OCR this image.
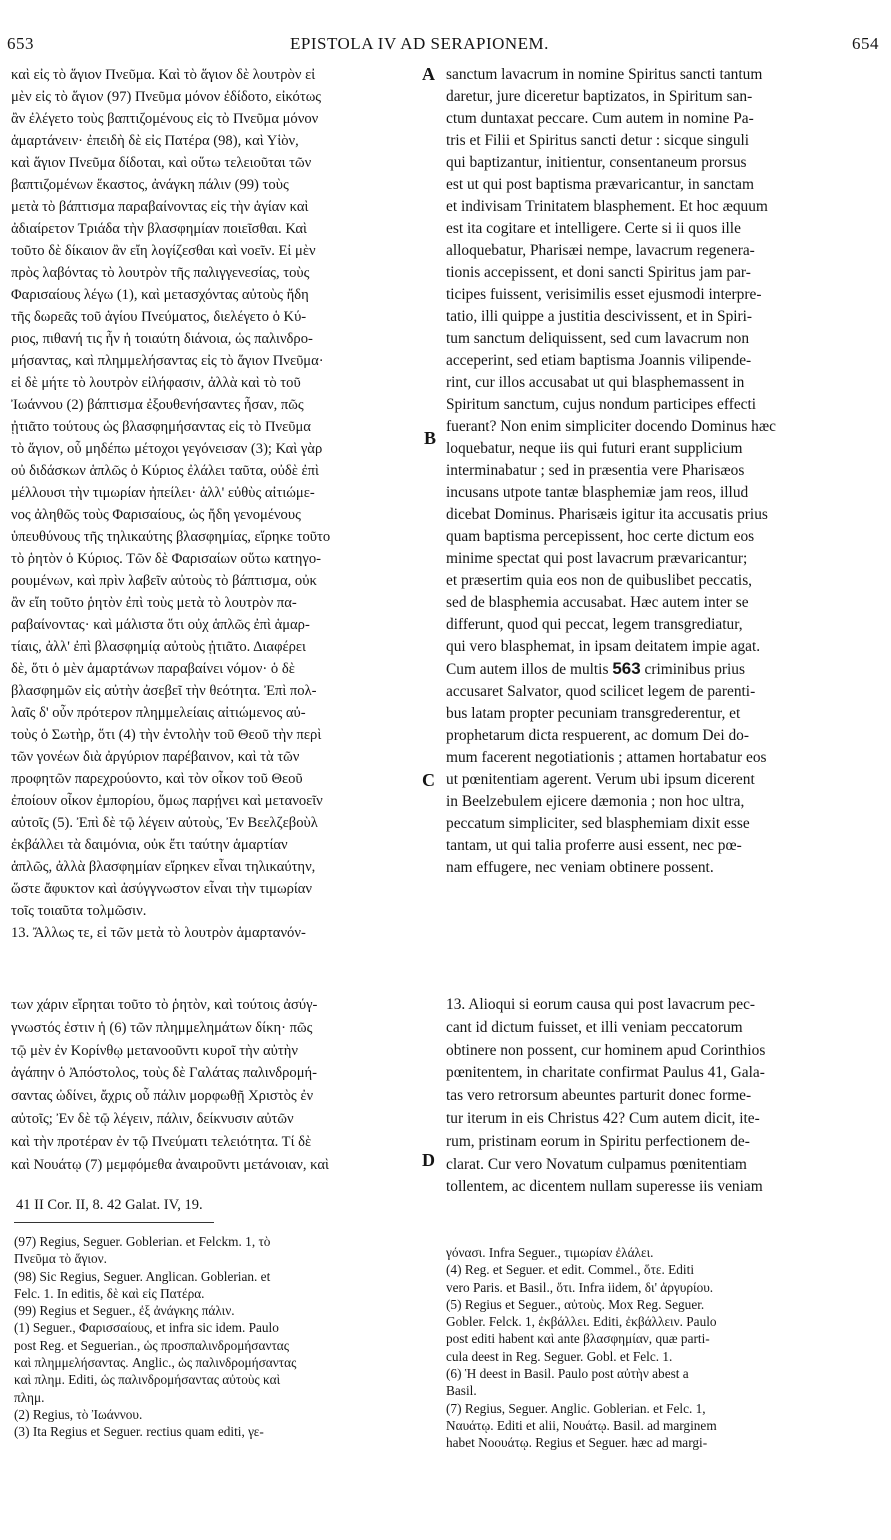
653	EPISTOLA IV AD SERAPIONEM.	654
καὶ εἰς τὸ ἅγιον Πνεῦμα. Καὶ τὸ ἅγιον δὲ λουτρὸν εἰ
μὲν εἰς τὸ ἅγιον (97) Πνεῦμα μόνον ἐδίδοτο, εἰκότως
ἂν ἐλέγετο τοὺς βαπτιζομένους εἰς τὸ Πνεῦμα μόνον
ἁμαρτάνειν· ἐπειδὴ δὲ εἰς Πατέρα (98), καὶ Υἱὸν,
καὶ ἅγιον Πνεῦμα δίδοται, καὶ οὕτω τελειοῦται τῶν
βαπτιζομένων ἕκαστος, ἀνάγκη πάλιν (99) τοὺς
μετὰ τὸ βάπτισμα παραβαίνοντας εἰς τὴν ἁγίαν καὶ
ἀδιαίρετον Τριάδα τὴν βλασφημίαν ποιεῖσθαι. Καὶ
τοῦτο δὲ δίκαιον ἂν εἴη λογίζεσθαι καὶ νοεῖν. Εἰ μὲν
πρὸς λαβόντας τὸ λουτρὸν τῆς παλιγγενεσίας, τοὺς
Φαρισαίους λέγω (1), καὶ μετασχόντας αὐτοὺς ἤδη
τῆς δωρεᾶς τοῦ ἁγίου Πνεύματος, διελέγετο ὁ Κύ-
ριος, πιθανή τις ἦν ἡ τοιαύτη διάνοια, ὡς παλινδρο-
μήσαντας, καὶ πλημμελήσαντας εἰς τὸ ἅγιον Πνεῦμα·
εἰ δὲ μήτε τὸ λουτρὸν εἰλήφασιν, ἀλλὰ καὶ τὸ τοῦ
Ἰωάννου (2) βάπτισμα ἐξουθενήσαντες ἦσαν, πῶς
ᾐτιᾶτο τούτους ὡς βλασφημήσαντας εἰς τὸ Πνεῦμα
τὸ ἅγιον, οὗ μηδέπω μέτοχοι γεγόνεισαν (3); Καὶ γὰρ
οὐ διδάσκων ἁπλῶς ὁ Κύριος ἐλάλει ταῦτα, οὐδὲ ἐπὶ
μέλλουσι τὴν τιμωρίαν ἠπείλει· ἀλλ' εὐθὺς αἰτιώμε-
νος ἀληθῶς τοὺς Φαρισαίους, ὡς ἤδη γενομένους
ὑπευθύνους τῆς τηλικαύτης βλασφημίας, εἴρηκε τοῦτο
τὸ ῥητὸν ὁ Κύριος. Τῶν δὲ Φαρισαίων οὕτω κατηγο-
ρουμένων, καὶ πρὶν λαβεῖν αὐτοὺς τὸ βάπτισμα, οὐκ
ἂν εἴη τοῦτο ῥητὸν ἐπὶ τοὺς μετὰ τὸ λουτρὸν πα-
ραβαίνοντας· καὶ μάλιστα ὅτι οὐχ ἁπλῶς ἐπὶ ἁμαρ-
τίαις, ἀλλ' ἐπὶ βλασφημίᾳ αὐτοὺς ᾐτιᾶτο. Διαφέρει
δὲ, ὅτι ὁ μὲν ἁμαρτάνων παραβαίνει νόμον· ὁ δὲ
βλασφημῶν εἰς αὐτὴν ἀσεβεῖ τὴν θεότητα. Ἐπὶ πολ-
λαῖς δ' οὖν πρότερον πλημμελείαις αἰτιώμενος αὐ-
τοὺς ὁ Σωτὴρ, ὅτι (4) τὴν ἐντολὴν τοῦ Θεοῦ τὴν περὶ
τῶν γονέων διὰ ἀργύριον παρέβαινον, καὶ τὰ τῶν
προφητῶν παρεχρούοντο, καὶ τὸν οἶκον τοῦ Θεοῦ
ἐποίουν οἶκον ἐμπορίου, ὅμως παρῄνει καὶ μετανοεῖν
αὐτοῖς (5). Ἐπὶ δὲ τῷ λέγειν αὐτοὺς, Ἐν Βεελζεβοὺλ
ἐκβάλλει τὰ δαιμόνια, οὐκ ἔτι ταύτην ἁμαρτίαν
ἁπλῶς, ἀλλὰ βλασφημίαν εἴρηκεν εἶναι τηλικαύτην,
ὥστε ἄφυκτον καὶ ἀσύγγνωστον εἶναι τὴν τιμωρίαν
τοῖς τοιαῦτα τολμῶσιν.
13. Ἄλλως τε, εἰ τῶν μετὰ τὸ λουτρὸν ἁμαρτανόν-
sanctum lavacrum in nomine Spiritus sancti tantum
daretur, jure diceretur baptizatos, in Spiritum san-
ctum duntaxat peccare. Cum autem in nomine Pa-
tris et Filii et Spiritus sancti detur : sicque singuli
qui baptizantur, initientur, consentaneum prorsus
est ut qui post baptisma prævaricantur, in sanctam
et indivisam Trinitatem blasphement. Et hoc æquum
est ita cogitare et intelligere. Certe si ii quos ille
alloquebatur, Pharisæi nempe, lavacrum regenera-
tionis accepissent, et doni sancti Spiritus jam par-
ticipes fuissent, verisimilis esset ejusmodi interpre-
tatio, illi quippe a justitia descivissent, et in Spiri-
tum sanctum deliquissent, sed cum lavacrum non
acceperint, sed etiam baptisma Joannis vilipende-
rint, cur illos accusabat ut qui blasphemassent in
Spiritum sanctum, cujus nondum participes effecti
fuerant? Non enim simpliciter docendo Dominus hæc
loquebatur, neque iis qui futuri erant supplicium
interminabatur ; sed in præsentia vere Pharisæos
incusans utpote tantæ blasphemiæ jam reos, illud
dicebat Dominus. Pharisæis igitur ita accusatis prius
quam baptisma percepissent, hoc certe dictum eos
minime spectat qui post lavacrum prævaricantur;
et præsertim quia eos non de quibuslibet peccatis,
sed de blasphemia accusabat. Hæc autem inter se
differunt, quod qui peccat, legem transgrediatur,
qui vero blasphemat, in ipsam deitatem impie agat.
Cum autem illos de multis 563 criminibus prius
accusaret Salvator, quod scilicet legem de parenti-
bus latam propter pecuniam transgrederentur, et
prophetarum dicta respuerent, ac domum Dei do-
mum facerent negotiationis ; attamen hortabatur eos
ut pœnitentiam agerent. Verum ubi ipsum dicerent
in Beelzebulem ejicere dæmonia ; non hoc ultra,
peccatum simpliciter, sed blasphemiam dixit esse
tantam, ut qui talia proferre ausi essent, nec pœ-
nam effugere, nec veniam obtinere possent.

των χάριν εἴρηται τοῦτο τὸ ῥητὸν, καὶ τούτοις ἀσύγ-
γνωστός ἐστιν ἡ (6) τῶν πλημμελημάτων δίκη· πῶς
τῷ μὲν ἐν Κορίνθῳ μετανοοῦντι κυροῖ τὴν αὐτὴν
ἀγάπην ὁ Ἀπόστολος, τοὺς δὲ Γαλάτας παλινδρομή-
σαντας ὠδίνει, ἄχρις οὗ πάλιν μορφωθῇ Χριστὸς ἐν
αὐτοῖς; Ἐν δὲ τῷ λέγειν, πάλιν, δείκνυσιν αὐτῶν
καὶ τὴν προτέραν ἐν τῷ Πνεύματι τελειότητα. Τί δὲ
καὶ Νουάτῳ (7) μεμφόμεθα ἀναιροῦντι μετάνοιαν, καὶ
13. Alioqui si eorum causa qui post lavacrum pec-
cant id dictum fuisset, et illi veniam peccatorum
obtinere non possent, cur hominem apud Corinthios
pœnitentem, in charitate confirmat Paulus 41, Gala-
tas vero retrorsum abeuntes parturit donec forme-
tur iterum in eis Christus 42? Cum autem dicit, ite-
rum, pristinam eorum in Spiritu perfectionem de-
clarat. Cur vero Novatum culpamus pœnitentiam
tollentem, ac dicentem nullam superesse iis veniam
A
B
C
D
41 II Cor. II, 8. 42 Galat. IV, 19.
(97) Regius, Seguer. Goblerian. et Felckm. 1, τὸ
Πνεῦμα τὸ ἅγιον.
(98) Sic Regius, Seguer. Anglican. Goblerian. et
Felc. 1. In editis, δὲ καὶ εἰς Πατέρα.
(99) Regius et Seguer., ἐξ ἀνάγκης πάλιν.
(1) Seguer., Φαρισσαίους, et infra sic idem. Paulo
post Reg. et Seguerian., ὡς προσπαλινδρομήσαντας
καὶ πλημμελήσαντας. Anglic., ὡς παλινδρομήσαντας
καὶ πλημ. Editi, ὡς παλινδρομήσαντας αὐτοὺς καὶ
πλημ.
(2) Regius, τὸ Ἰωάννου.
(3) Ita Regius et Seguer. rectius quam editi, γε-
γόνασι. Infra Seguer., τιμωρίαν ἐλάλει.
(4) Reg. et Seguer. et edit. Commel., ὅτε. Editi
vero Paris. et Basil., ὅτι. Infra iidem, δι' ἀργυρίου.
(5) Regius et Seguer., αὐτοὺς. Mox Reg. Seguer.
Gobler. Felck. 1, ἐκβάλλει. Editi, ἐκβάλλειν. Paulo
post editi habent καὶ ante βλασφημίαν, quæ parti-
cula deest in Reg. Seguer. Gobl. et Felc. 1.
(6) Ἡ deest in Basil. Paulo post αὐτὴν abest a
Basil.
(7) Regius, Seguer. Anglic. Goblerian. et Felc. 1,
Ναυάτῳ. Editi et alii, Νουάτῳ. Basil. ad marginem
habet Νοουάτῳ. Regius et Seguer. hæc ad margi-
